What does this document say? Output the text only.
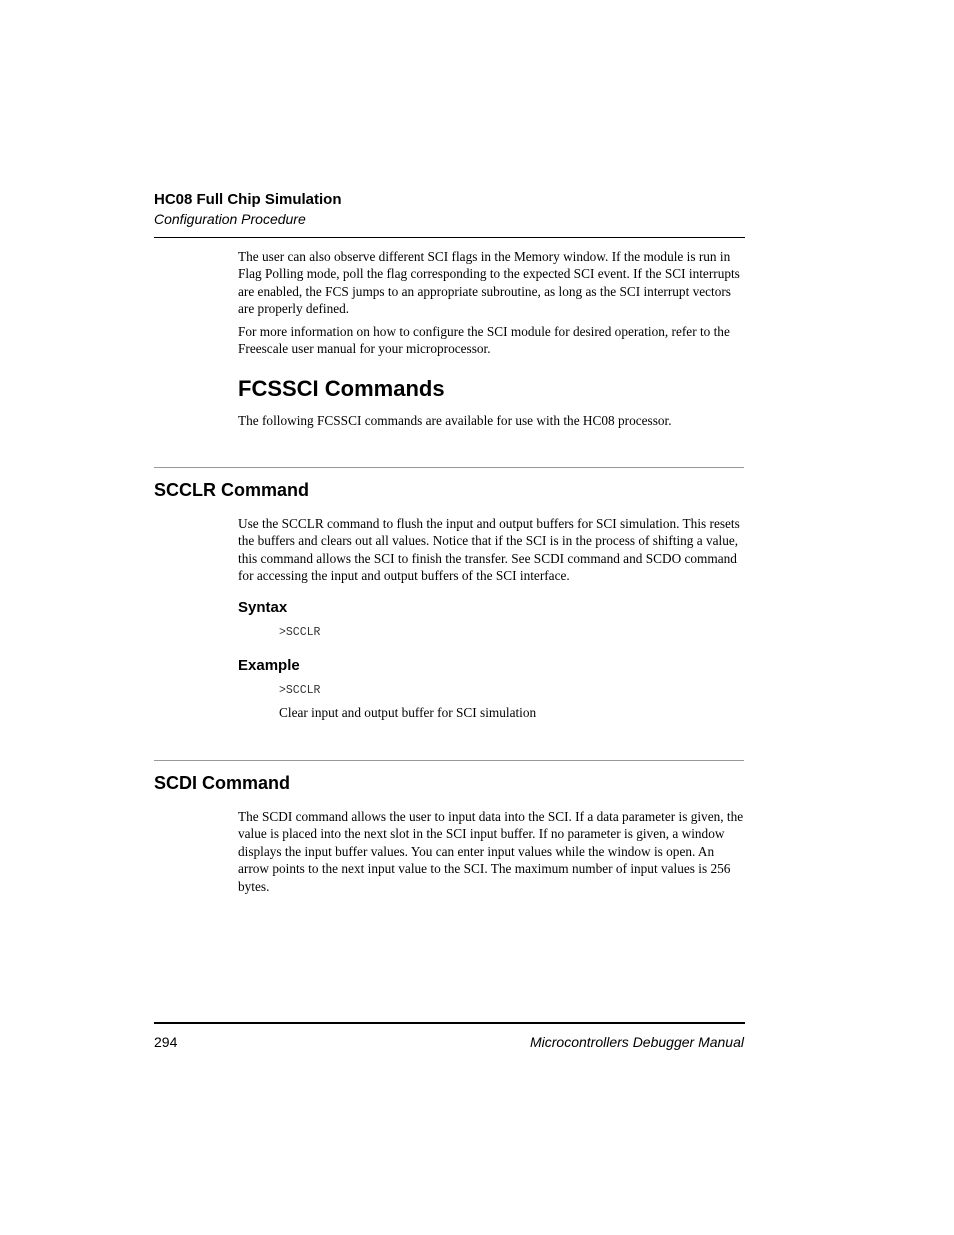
HC08 Full Chip Simulation
Configuration Procedure
The user can also observe different SCI flags in the Memory window. If the module is run in Flag Polling mode, poll the flag corresponding to the expected SCI event. If the SCI interrupts are enabled, the FCS jumps to an appropriate subroutine, as long as the SCI interrupt vectors are properly defined.
For more information on how to configure the SCI module for desired operation, refer to the Freescale user manual for your microprocessor.
FCSSCI Commands
The following FCSSCI commands are available for use with the HC08 processor.
SCCLR Command
Use the SCCLR command to flush the input and output buffers for SCI simulation. This resets the buffers and clears out all values. Notice that if the SCI is in the process of shifting a value, this command allows the SCI to finish the transfer. See SCDI command and SCDO command for accessing the input and output buffers of the SCI interface.
Syntax
>SCCLR
Example
>SCCLR
Clear input and output buffer for SCI simulation
SCDI Command
The SCDI command allows the user to input data into the SCI. If a data parameter is given, the value is placed into the next slot in the SCI input buffer. If no parameter is given, a window displays the input buffer values. You can enter input values while the window is open. An arrow points to the next input value to the SCI. The maximum number of input values is 256 bytes.
294	Microcontrollers Debugger Manual
